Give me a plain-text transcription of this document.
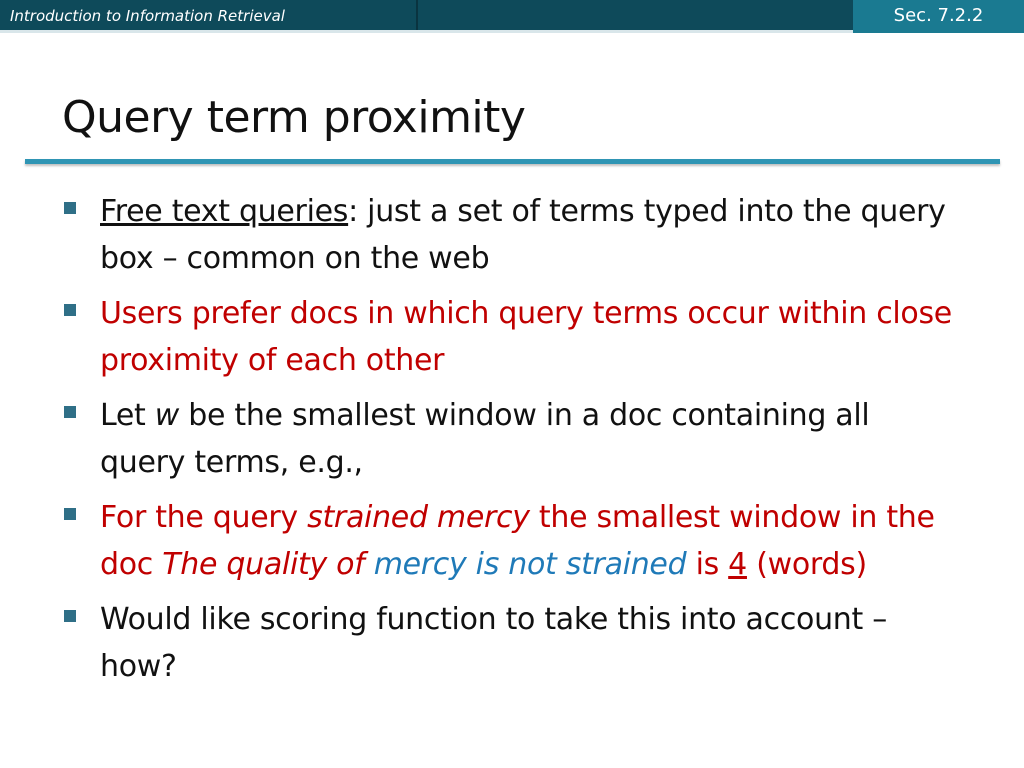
Introduction to Information Retrieval	Sec. 7.2.2
Query term proximity
Free text queries: just a set of terms typed into the query box – common on the web
Users prefer docs in which query terms occur within close proximity of each other
Let w be the smallest window in a doc containing all query terms, e.g.,
For the query strained mercy the smallest window in the doc The quality of mercy is not strained is 4 (words)
Would like scoring function to take this into account – how?
